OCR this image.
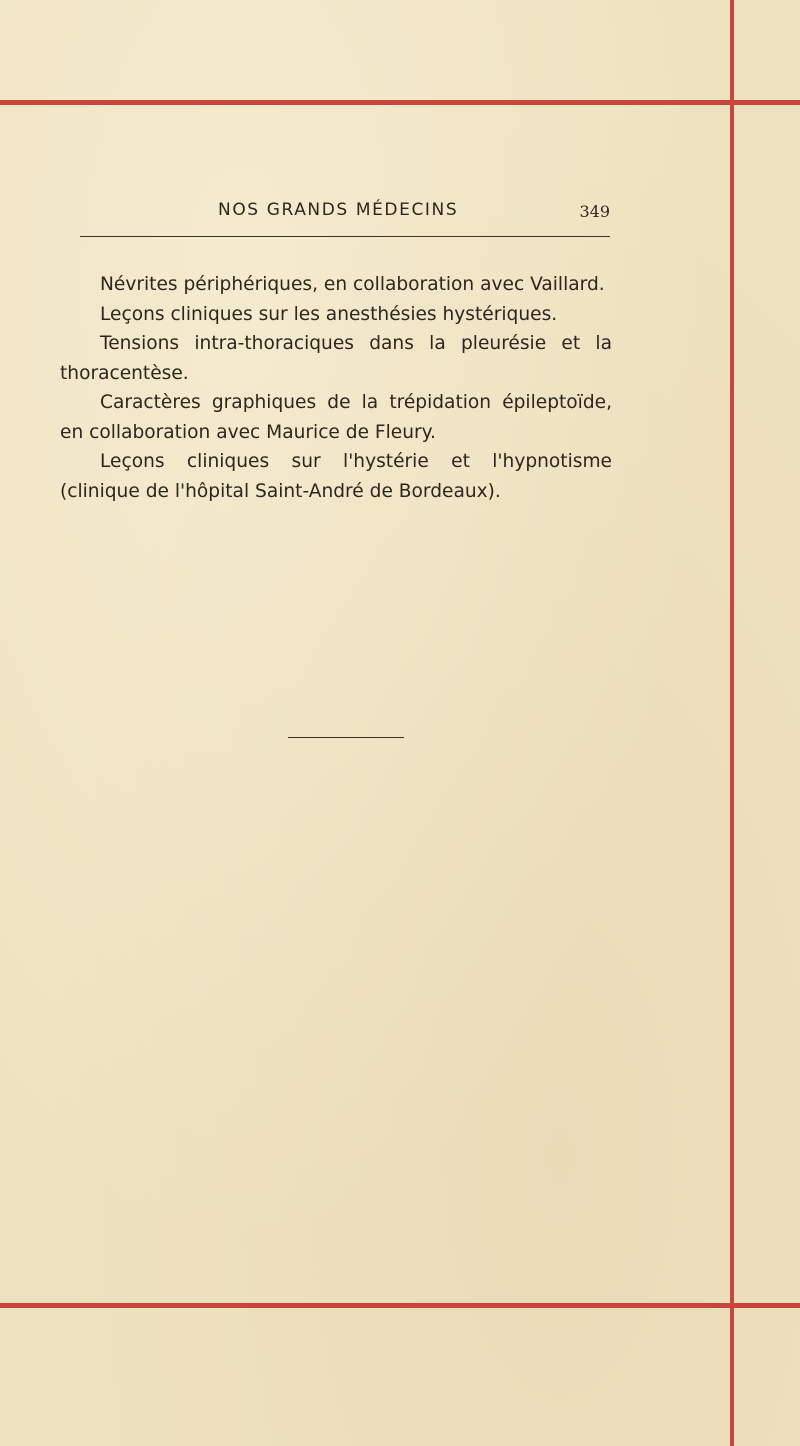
NOS GRANDS MÉDECINS	349

Névrites périphériques, en collaboration avec Vaillard.

Leçons cliniques sur les anesthésies hystériques.

Tensions intra-thoraciques dans la pleurésie et la thoracentèse.

Caractères graphiques de la trépidation épileptoïde, en collaboration avec Maurice de Fleury.

Leçons cliniques sur l'hystérie et l'hypnotisme (clinique de l'hôpital Saint-André de Bordeaux).
